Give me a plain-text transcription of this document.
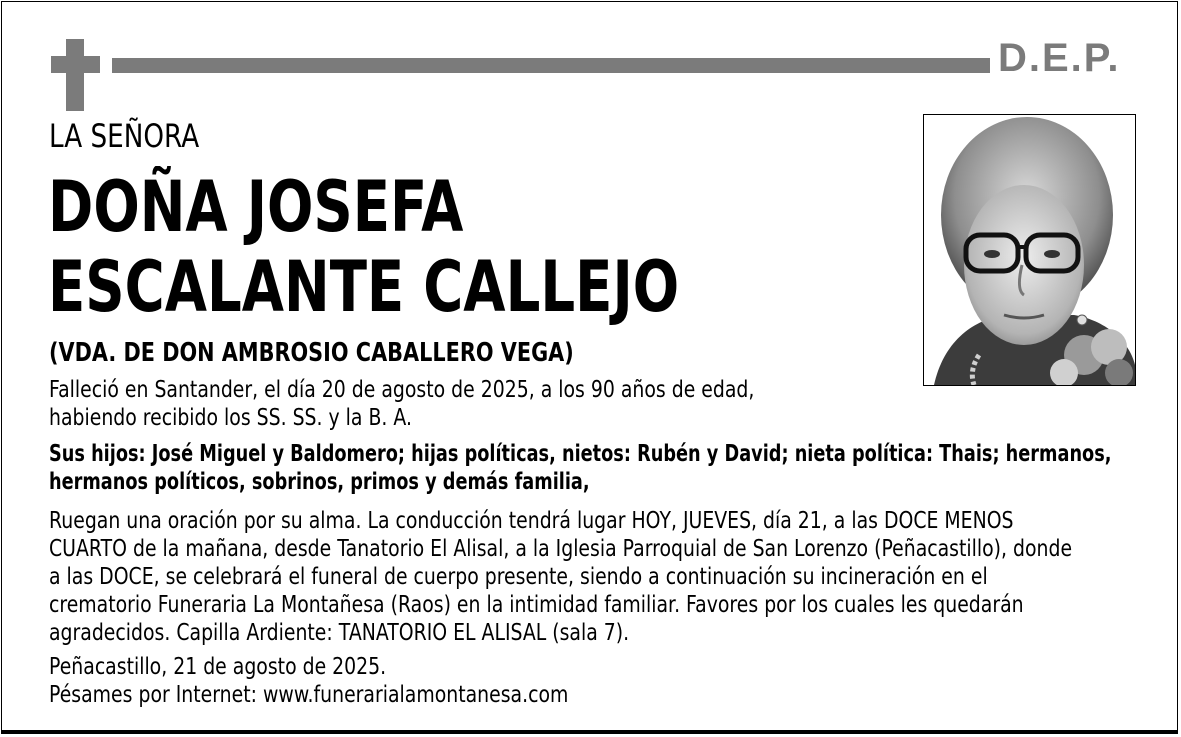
D.E.P.
LA SEÑORA
DOÑA JOSEFA
ESCALANTE CALLEJO
(VDA. DE DON AMBROSIO CABALLERO VEGA)
Falleció en Santander, el día 20 de agosto de 2025, a los 90 años de edad,
habiendo recibido los SS. SS. y la B. A.
Sus hijos: José Miguel y Baldomero; hijas políticas, nietos: Rubén y David; nieta política: Thais; hermanos,
hermanos políticos, sobrinos, primos y demás familia,
Ruegan una oración por su alma. La conducción tendrá lugar HOY, JUEVES, día 21, a las DOCE MENOS
CUARTO de la mañana, desde Tanatorio El Alisal, a la Iglesia Parroquial de San Lorenzo (Peñacastillo), donde
a las DOCE, se celebrará el funeral de cuerpo presente, siendo a continuación su incineración en el
crematorio Funeraria La Montañesa (Raos) en la intimidad familiar. Favores por los cuales les quedarán
agradecidos. Capilla Ardiente: TANATORIO EL ALISAL (sala 7).
Peñacastillo, 21 de agosto de 2025.
Pésames por Internet: www.funerarialamontanesa.com
